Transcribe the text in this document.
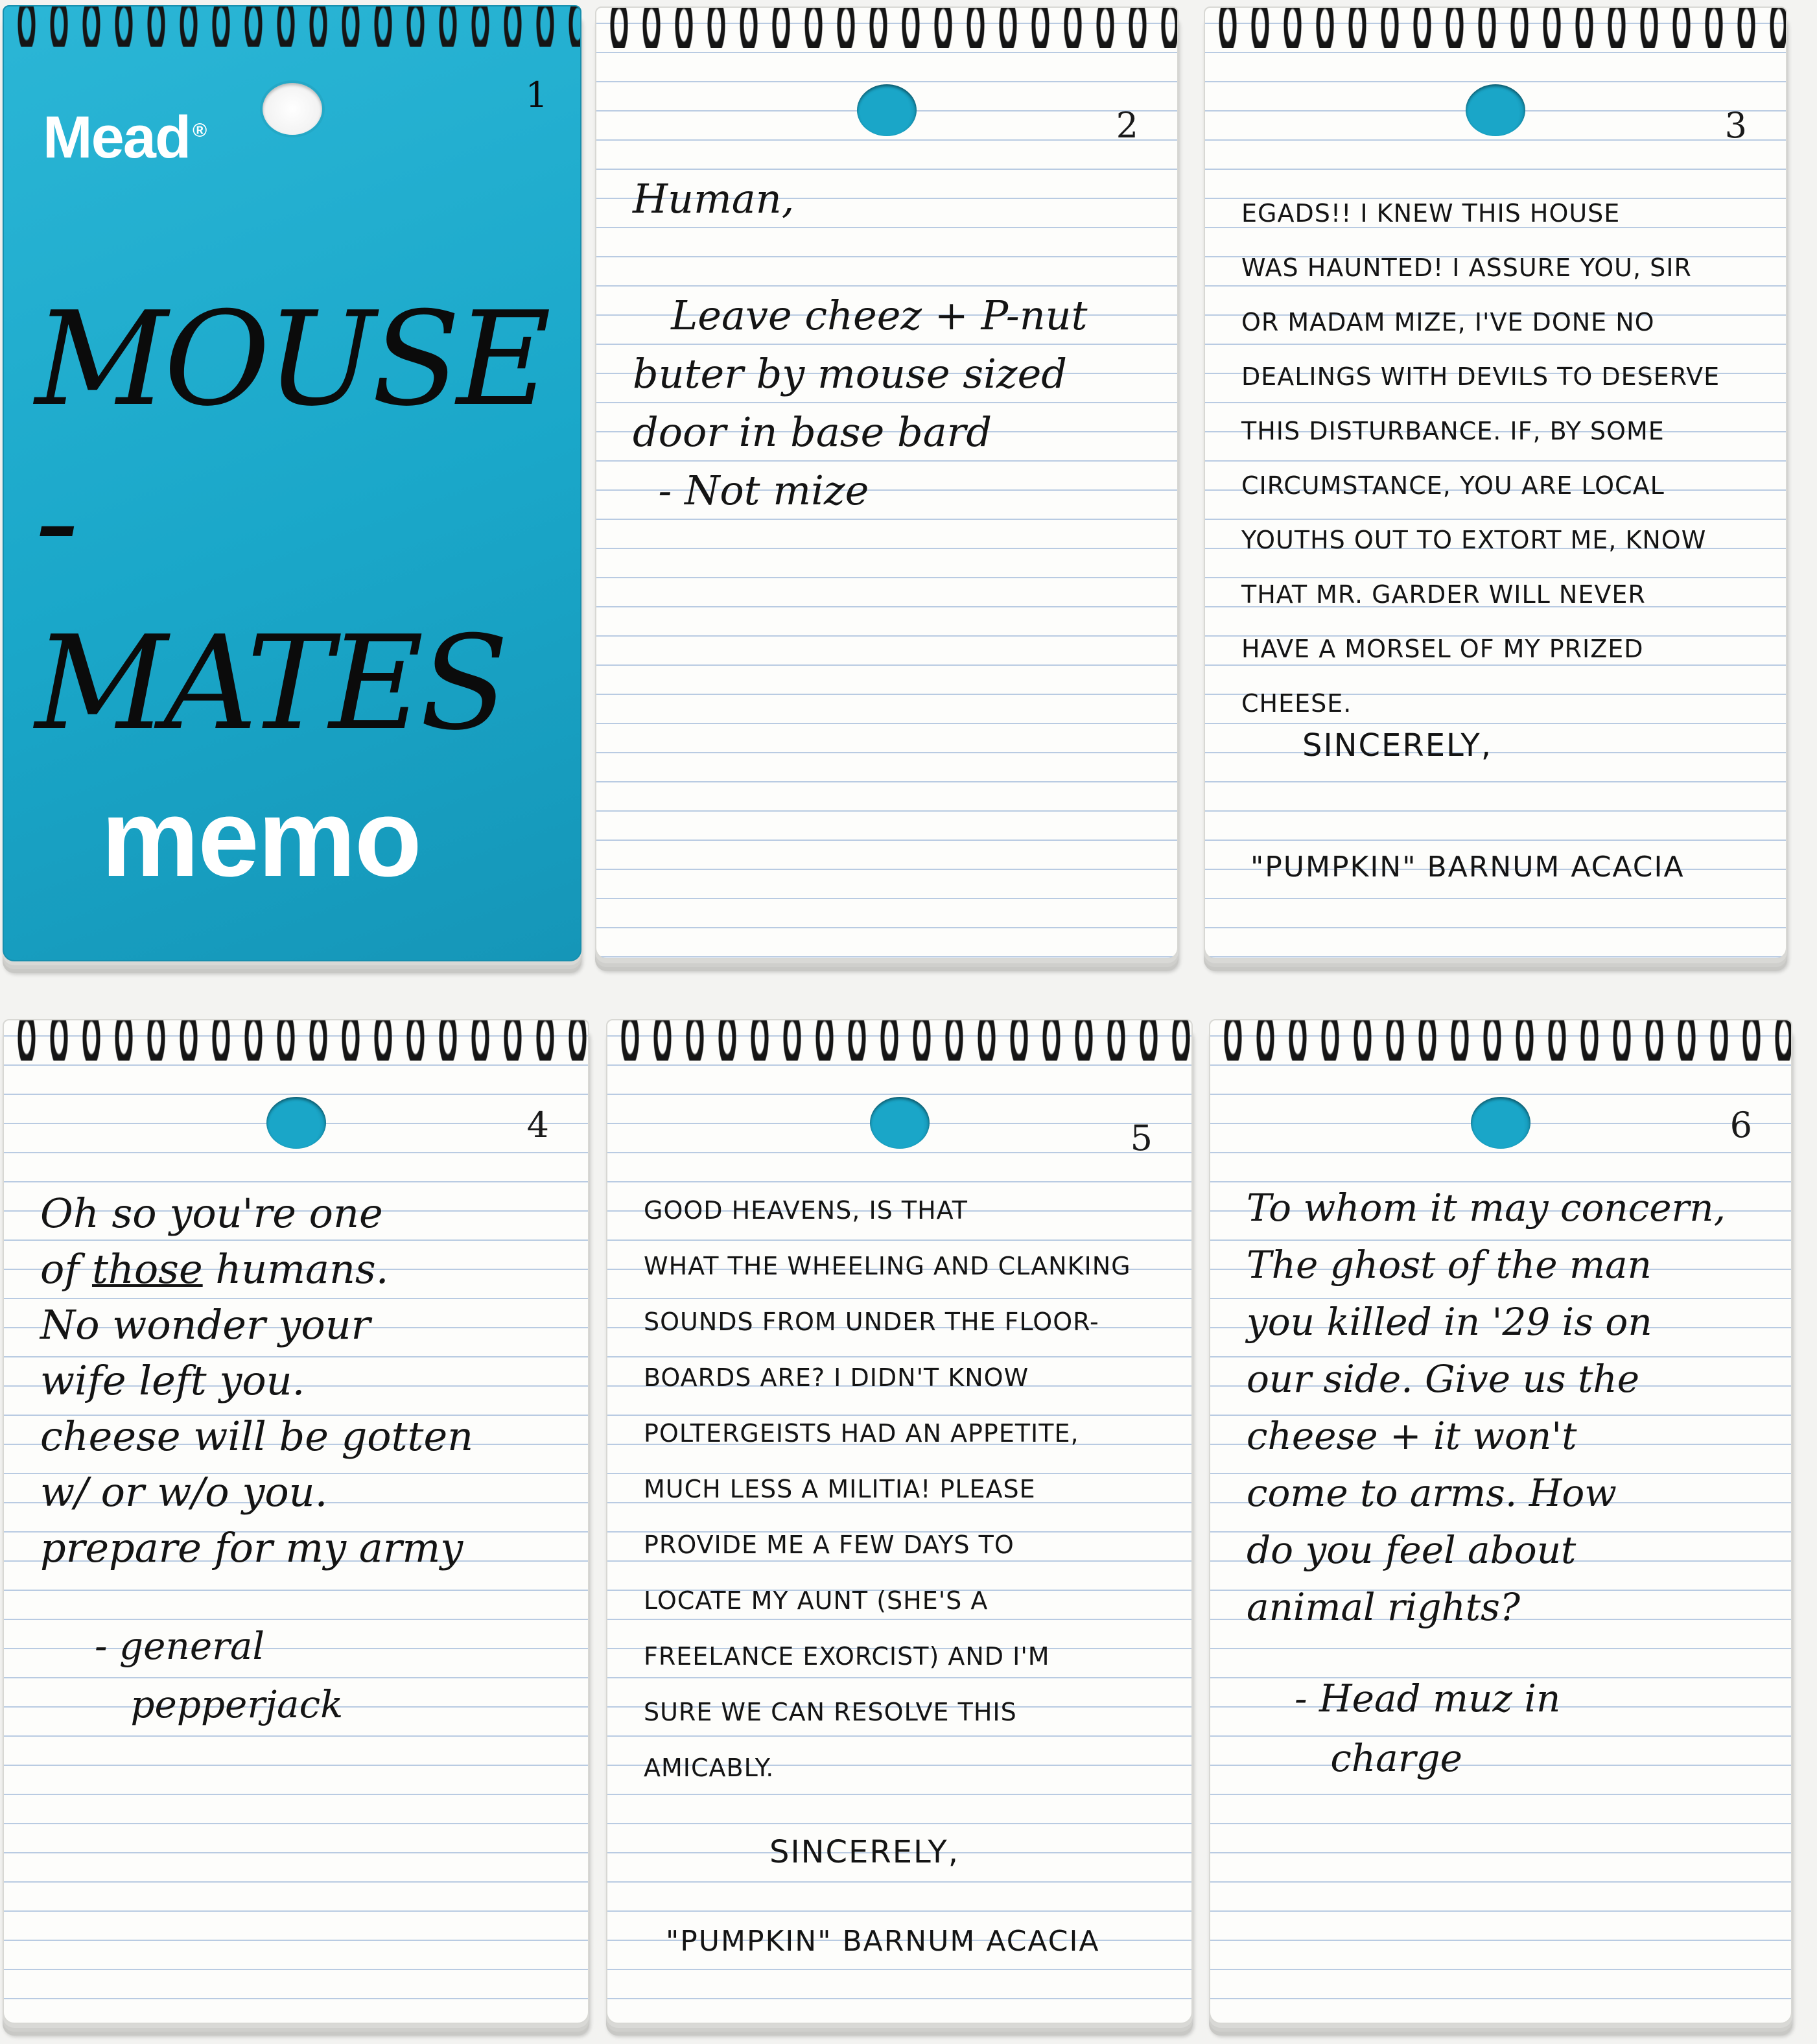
Mead ®
1
MOUSE
- MATES
memo
2
Human,

Leave cheez + P-nut
buter by mouse sized
door in base bard
- Not mize
3
EGADS!! I KNEW THIS HOUSE
WAS HAUNTED! I ASSURE YOU, SIR
OR MADAM MIZE, I'VE DONE NO
DEALINGS WITH DEVILS TO DESERVE
THIS DISTURBANCE. IF, BY SOME
CIRCUMSTANCE, YOU ARE LOCAL
YOUTHS OUT TO EXTORT ME, KNOW
THAT MR. GARDER WILL NEVER
HAVE A MORSEL OF MY PRIZED
CHEESE.
SINCERELY,
"PUMPKIN" BARNUM ACACIA
4
Oh so you're one
of those humans.
No wonder your
wife left you.
cheese will be gotten
w/ or w/o you.
prepare for my army
- general
pepperjack
5
GOOD HEAVENS, IS THAT
WHAT THE WHEELING AND CLANKING
SOUNDS FROM UNDER THE FLOOR-
BOARDS ARE? I DIDN'T KNOW
POLTERGEISTS HAD AN APPETITE,
MUCH LESS A MILITIA! PLEASE
PROVIDE ME A FEW DAYS TO
LOCATE MY AUNT (SHE'S A
FREELANCE EXORCIST) AND I'M
SURE WE CAN RESOLVE THIS
AMICABLY.
SINCERELY,
"PUMPKIN" BARNUM ACACIA
6
To whom it may concern,
The ghost of the man
you killed in '29 is on
our side. Give us the
cheese + it won't
come to arms. How
do you feel about
animal rights?
- Head muz in
charge
